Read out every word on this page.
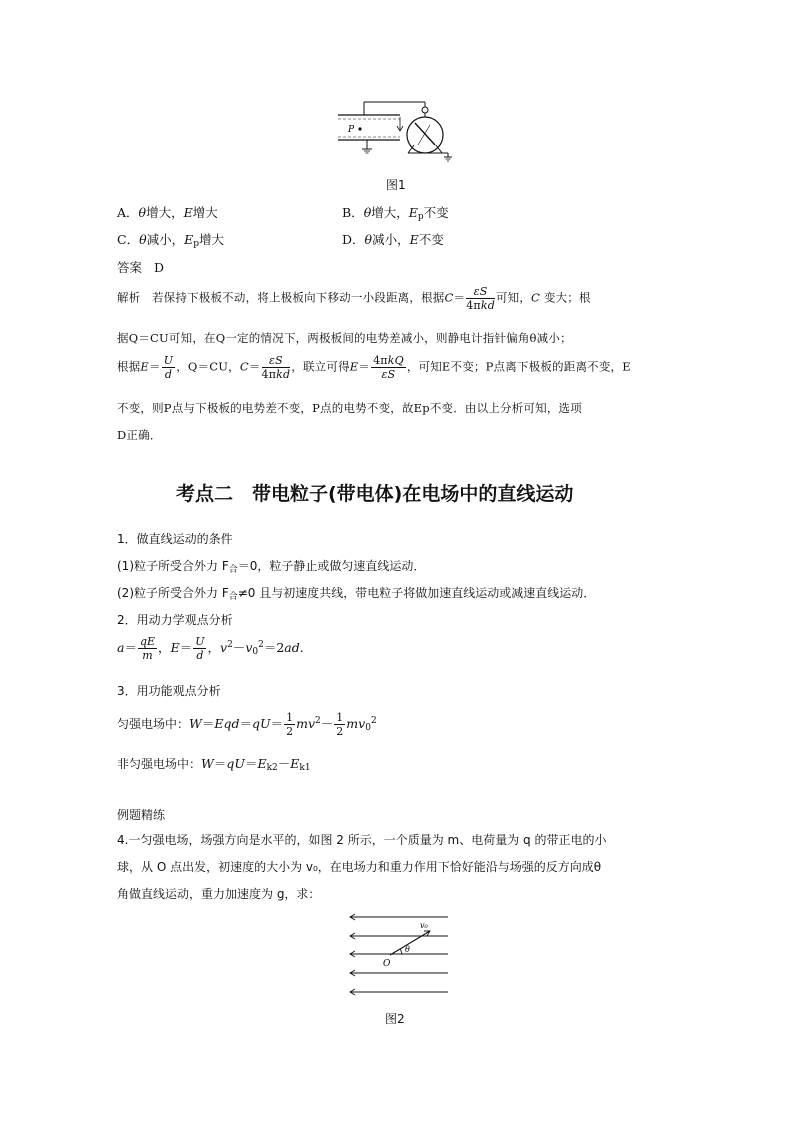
P
图1
A．θ增大，E增大	B．θ增大，$E_p$不变
C．θ减小，$E_p$增大	D．θ减小，E不变
答案 D
解析 若保持下极板不动，将上极板向下移动一小段距离，根据$C= \frac{\varepsilon S}{\text{4πkd}}$ 可知，C 变大；根
据Q＝CU可知，在Q一定的情况下，两极板间的电势差减小，则静电计指针偏角θ减小；
根据$E= \frac{U}{d}$ ，Q＝CU，$C= \frac{\varepsilon S}{\text{4πkd}}$ ，联立可得$E= \frac{\text{4πkQ}}{\varepsilon S}$ ，可知E不变；P点离下极板的距离不变，E
不变，则P点与下极板的电势差不变，P点的电势不变，故Ep不变．由以上分析可知，选项
D正确．
考点二　带电粒子(带电体)在电场中的直线运动
1．做直线运动的条件
(1)粒子所受合外力 $F_合=0$，粒子静止或做匀速直线运动．
(2)粒子所受合外力 $F_合\ne 0$ 且与初速度共线，带电粒子将做加速直线运动或减速直线运动．
2．用动力学观点分析
$a= \frac{qE}{m}$ ，$E= \frac{U}{d}$ ，$v^2-v_0^2=2ad$.
3．用功能观点分析
匀强电场中：$W=Eqd=qU= \frac{1}{2} mv^2- \frac{1}{2} mv_0^2$
非匀强电场中：$W=qU=E_{k2}-E_{k1}$
例题精练
4.一匀强电场，场强方向是水平的，如图 2 所示，一个质量为 m、电荷量为 q 的带正电的小
球，从 O 点出发，初速度的大小为 v₀，在电场力和重力作用下恰好能沿与场强的反方向成θ
角做直线运动，重力加速度为 g，求：
O
v₀
θ
图2
